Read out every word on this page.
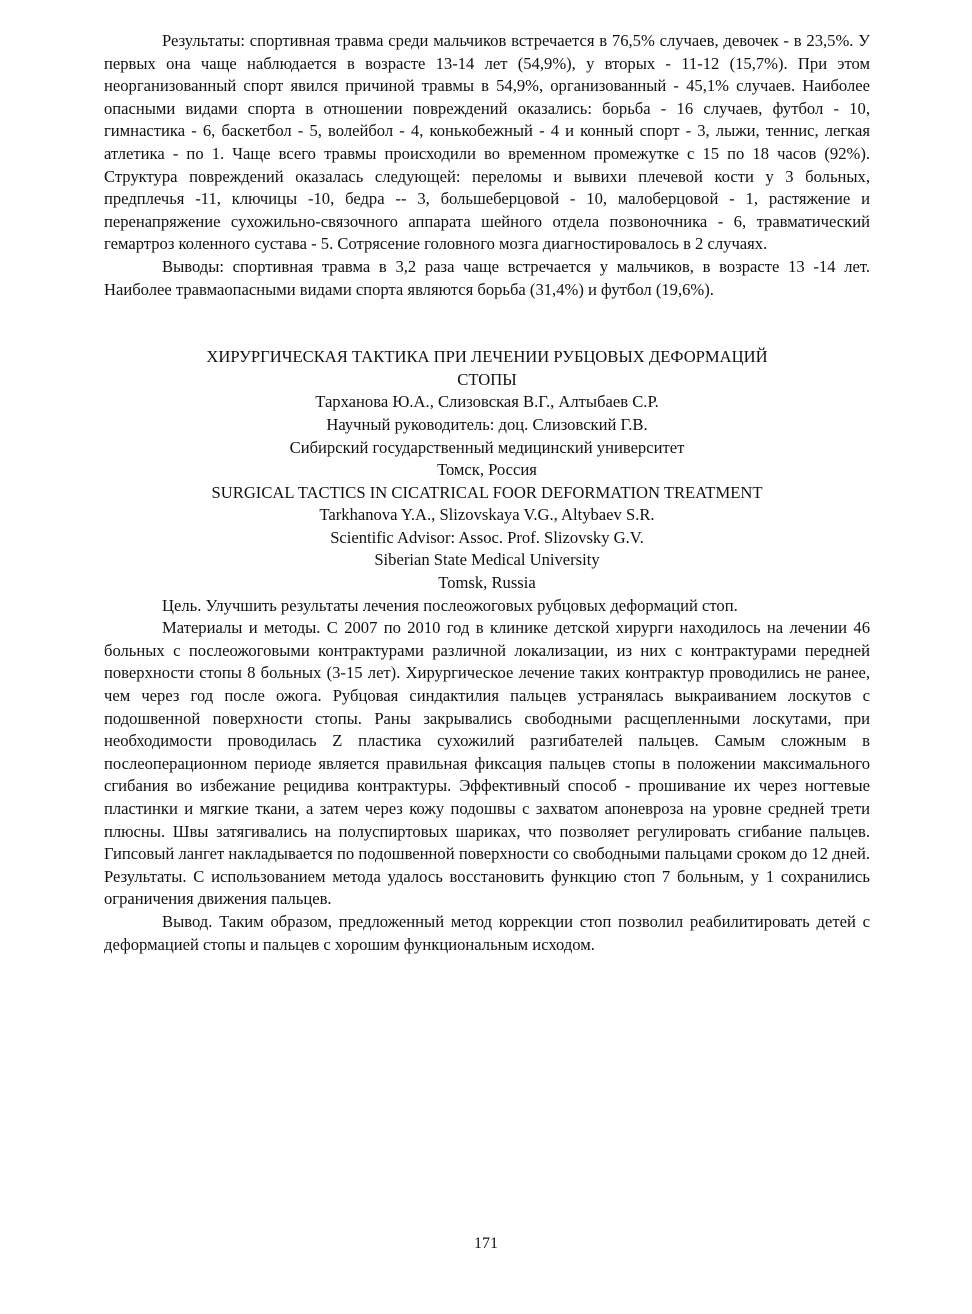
Результаты: спортивная травма среди мальчиков встречается в 76,5% случаев, девочек - в 23,5%. У первых она чаще наблюдается в возрасте 13-14 лет (54,9%), у вторых - 11-12 (15,7%). При этом неорганизованный спорт явился причиной травмы в 54,9%, организованный - 45,1% случаев. Наиболее опасными видами спорта в отношении повреждений оказались: борьба - 16 случаев, футбол - 10, гимнастика - 6, баскетбол - 5, волейбол - 4, конькобежный - 4 и конный спорт - 3, лыжи, теннис, легкая атлетика - по 1. Чаще всего травмы происходили во временном промежутке с 15 по 18 часов (92%). Структура повреждений оказалась следующей: переломы и вывихи плечевой кости у 3 больных, предплечья -11, ключицы -10, бедра -- 3, большеберцовой - 10, малоберцовой - 1, растяжение и перенапряжение сухожильно-связочного аппарата шейного отдела позвоночника - 6, травматический гемартроз коленного сустава - 5. Сотрясение головного мозга диагностировалось в 2 случаях.

Выводы: спортивная травма в 3,2 раза чаще встречается у мальчиков, в возрасте 13 -14 лет. Наиболее травмаопасными видами спорта являются борьба (31,4%) и футбол (19,6%).

ХИРУРГИЧЕСКАЯ ТАКТИКА ПРИ ЛЕЧЕНИИ РУБЦОВЫХ ДЕФОРМАЦИЙ
СТОПЫ
Тарханова Ю.А., Слизовская В.Г., Алтыбаев С.Р.
Научный руководитель: доц. Слизовский Г.В.
Сибирский государственный медицинский университет
Томск, Россия
SURGICAL TACTICS IN CICATRICAL FOOR DEFORMATION TREATMENT
Tarkhanova Y.A., Slizovskaya V.G., Altybaev S.R.
Scientific Advisor: Assoc. Prof. Slizovsky G.V.
Siberian State Medical University
Tomsk, Russia

Цель. Улучшить результаты лечения послеожоговых рубцовых деформаций стоп.

Материалы и методы. С 2007 по 2010 год в клинике детской хирурги находилось на лечении 46 больных с послеожоговыми контрактурами различной локализации, из них с контрактурами передней поверхности стопы 8 больных (3-15 лет). Хирургическое лечение таких контрактур проводились не ранее, чем через год после ожога. Рубцовая синдактилия пальцев устранялась выкраиванием лоскутов с подошвенной поверхности стопы. Раны закрывались свободными расщепленными лоскутами, при необходимости проводилась Z пластика сухожилий разгибателей пальцев. Самым сложным в послеоперационном периоде является правильная фиксация пальцев стопы в положении максимального сгибания во избежание рецидива контрактуры. Эффективный способ - прошивание их через ногтевые пластинки и мягкие ткани, а затем через кожу подошвы с захватом апоневроза на уровне средней трети плюсны. Швы затягивались на полуспиртовых шариках, что позволяет регулировать сгибание пальцев. Гипсовый лангет накладывается по подошвенной поверхности со свободными пальцами сроком до 12 дней. Результаты. С использованием метода удалось восстановить функцию стоп 7 больным, у 1 сохранились ограничения движения пальцев.

Вывод. Таким образом, предложенный метод коррекции стоп позволил реабилитировать детей с деформацией стопы и пальцев с хорошим функциональным исходом.

171
